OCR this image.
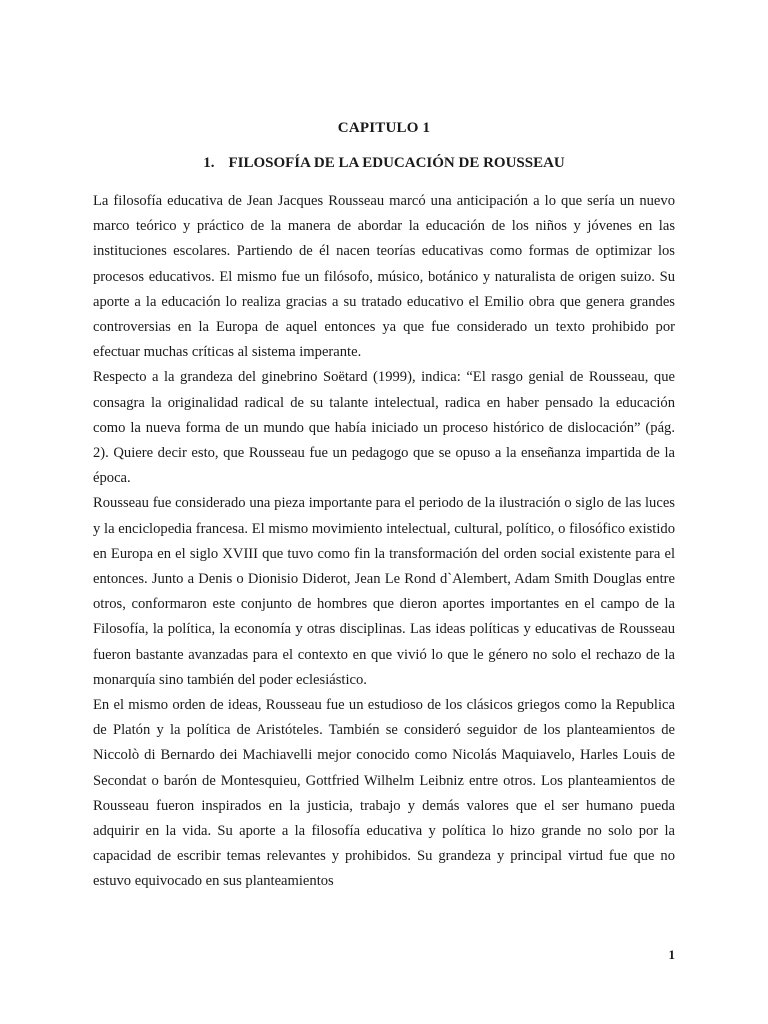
CAPITULO 1
1. FILOSOFÍA DE LA EDUCACIÓN DE ROUSSEAU

La filosofía educativa de Jean Jacques Rousseau marcó una anticipación a lo que sería un nuevo marco teórico y práctico de la manera de abordar la educación de los niños y jóvenes en las instituciones escolares. Partiendo de él nacen teorías educativas como formas de optimizar los procesos educativos. El mismo fue un filósofo, músico, botánico y naturalista de origen suizo. Su aporte a la educación lo realiza gracias a su tratado educativo el Emilio obra que genera grandes controversias en la Europa de aquel entonces ya que fue considerado un texto prohibido por efectuar muchas críticas al sistema imperante.

Respecto a la grandeza del ginebrino Soëtard (1999), indica: “El rasgo genial de Rousseau, que consagra la originalidad radical de su talante intelectual, radica en haber pensado la educación como la nueva forma de un mundo que había iniciado un proceso histórico de dislocación” (pág. 2). Quiere decir esto, que Rousseau fue un pedagogo que se opuso a la enseñanza impartida de la época.

Rousseau fue considerado una pieza importante para el periodo de la ilustración o siglo de las luces y la enciclopedia francesa. El mismo movimiento intelectual, cultural, político, o filosófico existido en Europa en el siglo XVIII que tuvo como fin la transformación del orden social existente para el entonces. Junto a Denis o Dionisio Diderot, Jean Le Rond d`Alembert, Adam Smith Douglas entre otros, conformaron este conjunto de hombres que dieron aportes importantes en el campo de la Filosofía, la política, la economía y otras disciplinas. Las ideas políticas y educativas de Rousseau fueron bastante avanzadas para el contexto en que vivió lo que le género no solo el rechazo de la monarquía sino también del poder eclesiástico.

En el mismo orden de ideas, Rousseau fue un estudioso de los clásicos griegos como la Republica de Platón y la política de Aristóteles. También se consideró seguidor de los planteamientos de Niccolò di Bernardo dei Machiavelli mejor conocido como Nicolás Maquiavelo, Harles Louis de Secondat o barón de Montesquieu, Gottfried Wilhelm Leibniz entre otros. Los planteamientos de Rousseau fueron inspirados en la justicia, trabajo y demás valores que el ser humano pueda adquirir en la vida. Su aporte a la filosofía educativa y política lo hizo grande no solo por la capacidad de escribir temas relevantes y prohibidos. Su grandeza y principal virtud fue que no estuvo equivocado en sus planteamientos

1
